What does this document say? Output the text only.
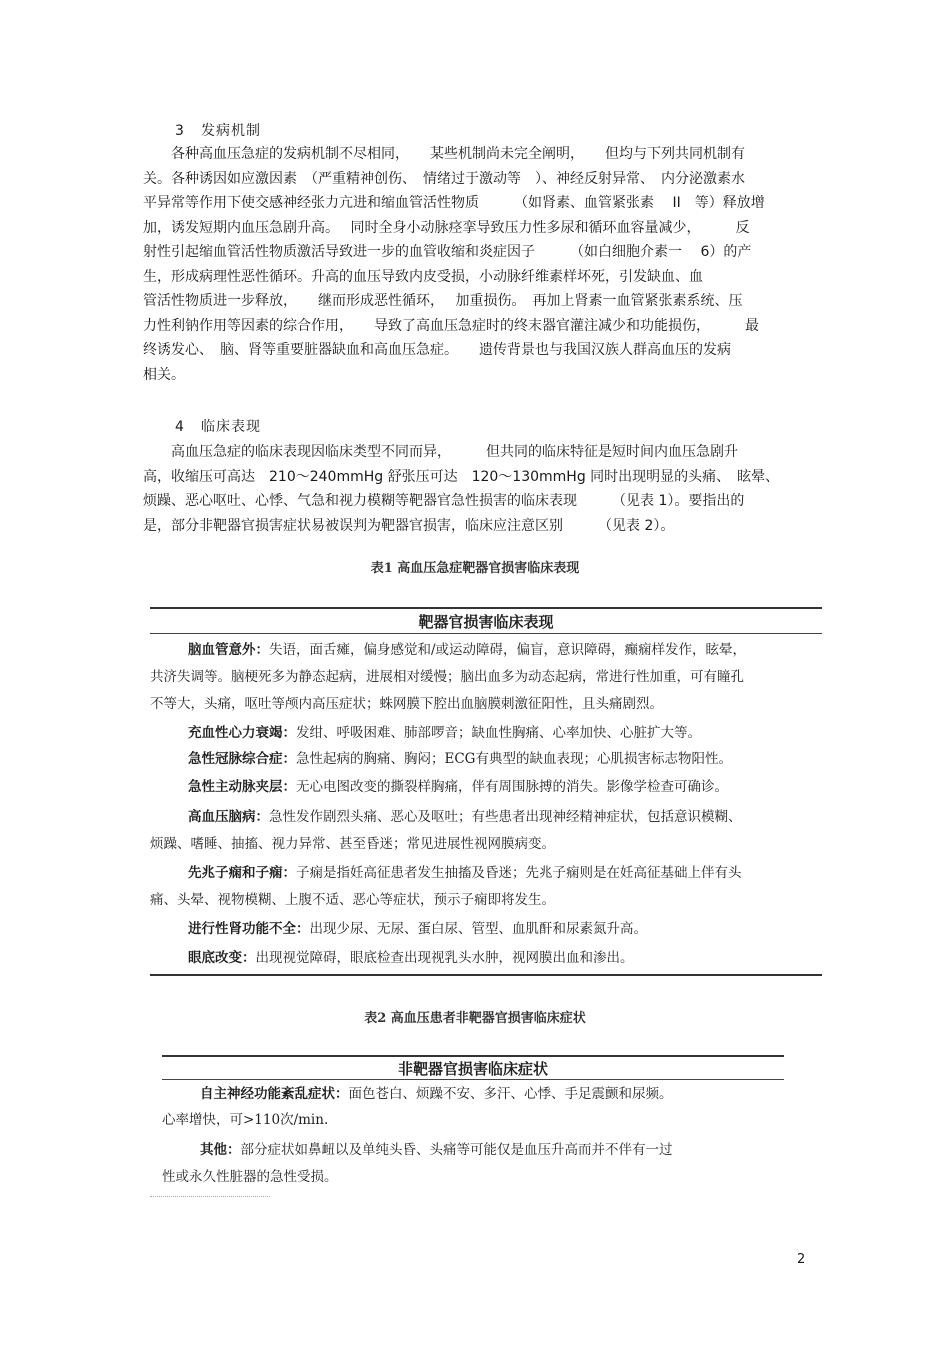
3 发病机制
　　各种高血压急症的发病机制不尽相同，　　某些机制尚未完全阐明，　　但均与下列共同机制有
关。各种诱因如应激因素　（严重精神创伤、　情绪过于激动等　）、神经反射异常、　内分泌激素水
平异常等作用下使交感神经张力亢进和缩血管活性物质　　　（如肾素、血管紧张素　 II　等）释放增
加，诱发短期内血压急剧升高。　 同时全身小动脉痉挛导致压力性多尿和循环血容量减少，　　　反
射性引起缩血管活性物质激活导致进一步的血管收缩和炎症因子　　　（如白细胞介素一　 6）的产
生，形成病理性恶性循环。升高的血压导致内皮受损，小动脉纤维素样坏死，引发缺血、血
管活性物质进一步释放，　　继而形成恶性循环，　 加重损伤。　再加上肾素一血管紧张素系统、压
力性利钠作用等因素的综合作用，　　导致了高血压急症时的终末器官灌注减少和功能损伤，　　　最
终诱发心、　脑、肾等重要脏器缺血和高血压急症。　　遗传背景也与我国汉族人群高血压的发病
相关。
4 临床表现
　　高血压急症的临床表现因临床类型不同而异，　　　但共同的临床特征是短时间内血压急剧升
高，收缩压可高达　210～240mmHg 舒张压可达　120～130mmHg 同时出现明显的头痛、　眩晕、
烦躁、恶心呕吐、心悸、气急和视力模糊等靶器官急性损害的临床表现　　　（见表 1）。要指出的
是，部分非靶器官损害症状易被误判为靶器官损害，临床应注意区别　　　（见表 2）。
表1 高血压急症靶器官损害临床表现
靶器官损害临床表现
脑血管意外：失语，面舌瘫，偏身感觉和/或运动障碍，偏盲，意识障碍，癫痫样发作，眩晕，
共济失调等。脑梗死多为静态起病，进展相对缓慢；脑出血多为动态起病，常进行性加重，可有瞳孔
不等大，头痛，呕吐等颅内高压症状；蛛网膜下腔出血脑膜刺激征阳性，且头痛剧烈。
充血性心力衰竭：发绀、呼吸困难、肺部啰音；缺血性胸痛、心率加快、心脏扩大等。
急性冠脉综合症：急性起病的胸痛、胸闷；ECG有典型的缺血表现；心肌损害标志物阳性。
急性主动脉夹层：无心电图改变的撕裂样胸痛，伴有周围脉搏的消失。影像学检查可确诊。
高血压脑病：急性发作剧烈头痛、恶心及呕吐；有些患者出现神经精神症状，包括意识模糊、
烦躁、嗜睡、抽搐、视力异常、甚至昏迷；常见进展性视网膜病变。
先兆子痫和子痫：子痫是指妊高征患者发生抽搐及昏迷；先兆子痫则是在妊高征基础上伴有头
痛、头晕、视物模糊、上腹不适、恶心等症状，预示子痫即将发生。
进行性肾功能不全：出现少尿、无尿、蛋白尿、管型、血肌酐和尿素氮升高。
眼底改变：出现视觉障碍，眼底检查出现视乳头水肿，视网膜出血和渗出。
表2 高血压患者非靶器官损害临床症状
非靶器官损害临床症状
自主神经功能紊乱症状：面色苍白、烦躁不安、多汗、心悸、手足震颤和尿频。
心率增快，可>110次/min.
其他：部分症状如鼻衄以及单纯头昏、头痛等可能仅是血压升高而并不伴有一过
性或永久性脏器的急性受损。
2
